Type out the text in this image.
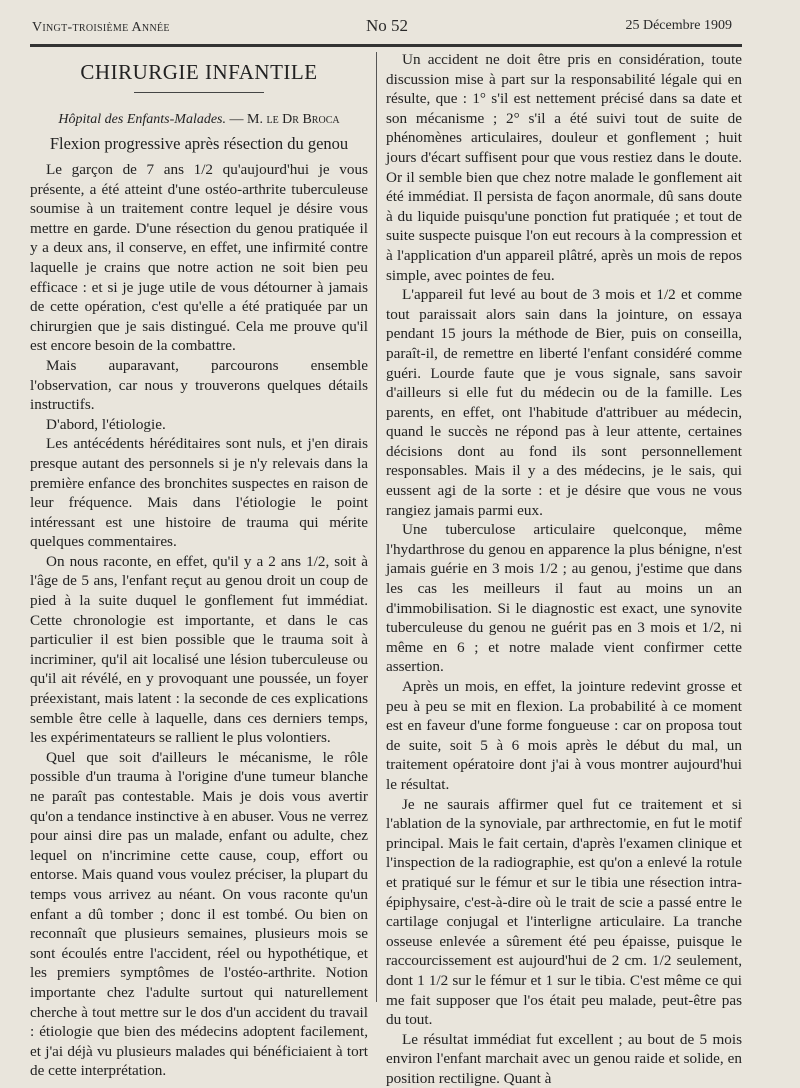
Vingt-troisième Année	No 52	25 Décembre 1909
CHIRURGIE INFANTILE
Hôpital des Enfants-Malades. — M. le Dr Broca
Flexion progressive après résection du genou

Le garçon de 7 ans 1/2 qu'aujourd'hui je vous présente, a été atteint d'une ostéo-arthrite tuberculeuse soumise à un traitement contre lequel je désire vous mettre en garde. D'une résection du genou pratiquée il y a deux ans, il conserve, en effet, une infirmité contre laquelle je crains que notre action ne soit bien peu efficace : et si je juge utile de vous détourner à jamais de cette opération, c'est qu'elle a été pratiquée par un chirurgien que je sais distingué. Cela me prouve qu'il est encore besoin de la combattre.

Mais auparavant, parcourons ensemble l'observation, car nous y trouverons quelques détails instructifs.

D'abord, l'étiologie.

Les antécédents héréditaires sont nuls, et j'en dirais presque autant des personnels si je n'y relevais dans la première enfance des bronchites suspectes en raison de leur fréquence. Mais dans l'étiologie le point intéressant est une histoire de trauma qui mérite quelques commentaires.

On nous raconte, en effet, qu'il y a 2 ans 1/2, soit à l'âge de 5 ans, l'enfant reçut au genou droit un coup de pied à la suite duquel le gonflement fut immédiat. Cette chronologie est importante, et dans le cas particulier il est bien possible que le trauma soit à incriminer, qu'il ait localisé une lésion tuberculeuse ou qu'il ait révélé, en y provoquant une poussée, un foyer préexistant, mais latent : la seconde de ces explications semble être celle à laquelle, dans ces derniers temps, les expérimentateurs se rallient le plus volontiers.

Quel que soit d'ailleurs le mécanisme, le rôle possible d'un trauma à l'origine d'une tumeur blanche ne paraît pas contestable. Mais je dois vous avertir qu'on a tendance instinctive à en abuser. Vous ne verrez pour ainsi dire pas un malade, enfant ou adulte, chez lequel on n'incrimine cette cause, coup, effort ou entorse. Mais quand vous voulez préciser, la plupart du temps vous arrivez au néant. On vous raconte qu'un enfant a dû tomber ; donc il est tombé. Ou bien on reconnaît que plusieurs semaines, plusieurs mois se sont écoulés entre l'accident, réel ou hypothétique, et les premiers symptômes de l'ostéo-arthrite. Notion importante chez l'adulte surtout qui naturellement cherche à tout mettre sur le dos d'un accident du travail : étiologie que bien des médecins adoptent facilement, et j'ai déjà vu plusieurs malades qui bénéficiaient à tort de cette interprétation.

Un accident ne doit être pris en considération, toute discussion mise à part sur la responsabilité légale qui en résulte, que : 1° s'il est nettement précisé dans sa date et son mécanisme ; 2° s'il a été suivi tout de suite de phénomènes articulaires, douleur et gonflement ; huit jours d'écart suffisent pour que vous restiez dans le doute. Or il semble bien que chez notre malade le gonflement ait été immédiat. Il persista de façon anormale, dû sans doute à du liquide puisqu'une ponction fut pratiquée ; et tout de suite suspecte puisque l'on eut recours à la compression et à l'application d'un appareil plâtré, après un mois de repos simple, avec pointes de feu.

L'appareil fut levé au bout de 3 mois et 1/2 et comme tout paraissait alors sain dans la jointure, on essaya pendant 15 jours la méthode de Bier, puis on conseilla, paraît-il, de remettre en liberté l'enfant considéré comme guéri. Lourde faute que je vous signale, sans savoir d'ailleurs si elle fut du médecin ou de la famille. Les parents, en effet, ont l'habitude d'attribuer au médecin, quand le succès ne répond pas à leur attente, certaines décisions dont au fond ils sont personnellement responsables. Mais il y a des médecins, je le sais, qui eussent agi de la sorte : et je désire que vous ne vous rangiez jamais parmi eux.

Une tuberculose articulaire quelconque, même l'hydarthrose du genou en apparence la plus bénigne, n'est jamais guérie en 3 mois 1/2 ; au genou, j'estime que dans les cas les meilleurs il faut au moins un an d'immobilisation. Si le diagnostic est exact, une synovite tuberculeuse du genou ne guérit pas en 3 mois et 1/2, ni même en 6 ; et notre malade vient confirmer cette assertion.

Après un mois, en effet, la jointure redevint grosse et peu à peu se mit en flexion. La probabilité à ce moment est en faveur d'une forme fongueuse : car on proposa tout de suite, soit 5 à 6 mois après le début du mal, un traitement opératoire dont j'ai à vous montrer aujourd'hui le résultat.

Je ne saurais affirmer quel fut ce traitement et si l'ablation de la synoviale, par arthrectomie, en fut le motif principal. Mais le fait certain, d'après l'examen clinique et l'inspection de la radiographie, est qu'on a enlevé la rotule et pratiqué sur le fémur et sur le tibia une résection intra-épiphysaire, c'est-à-dire où le trait de scie a passé entre le cartilage conjugal et l'interligne articulaire. La tranche osseuse enlevée a sûrement été peu épaisse, puisque le raccourcissement est aujourd'hui de 2 cm. 1/2 seulement, dont 1 1/2 sur le fémur et 1 sur le tibia. C'est même ce qui me fait supposer que l'os était peu malade, peut-être pas du tout.

Le résultat immédiat fut excellent ; au bout de 5 mois environ l'enfant marchait avec un genou raide et solide, en position rectiligne. Quant à
